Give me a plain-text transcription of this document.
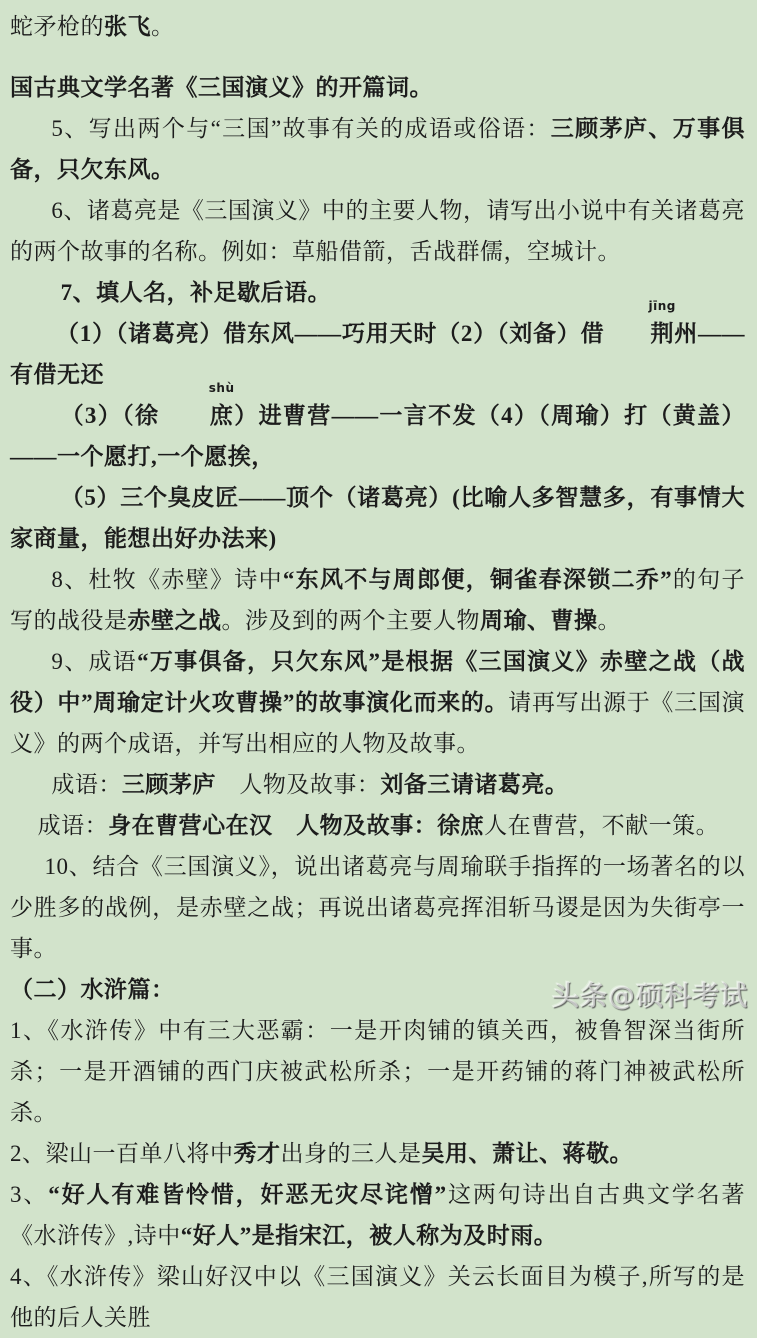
蛇矛枪的张飞。

国古典文学名著《三国演义》的开篇词。

5、写出两个与“三国”故事有关的成语或俗语：三顾茅庐、万事俱备，只欠东风。

6、诸葛亮是《三国演义》中的主要人物，请写出小说中有关诸葛亮的两个故事的名称。例如：草船借箭，舌战群儒，空城计。

7、填人名，补足歇后语。

（1）（诸葛亮）借东风——巧用天时（2）（刘备）借 荆
jīng
州——有借无还

（3）（徐 庶
shù
）进曹营——一言不发（4）（周瑜）打（黄盖）——一个愿打,一个愿挨，

（5）三个臭皮匠——顶个（诸葛亮）(比喻人多智慧多，有事情大家商量，能想出好办法来)

8、杜牧《赤壁》诗中“东风不与周郎便，铜雀春深锁二乔”的句子写的战役是赤壁之战。涉及到的两个主要人物周瑜、曹操。

9、成语“万事俱备，只欠东风”是根据《三国演义》赤壁之战（战役）中”周瑜定计火攻曹操”的故事演化而来的。请再写出源于《三国演义》的两个成语，并写出相应的人物及故事。

成语：三顾茅庐　 人物及故事：刘备三请诸葛亮。

成语：身在曹营心在汉　 人物及故事：徐庶人在曹营，不献一策。

10、结合《三国演义》，说出诸葛亮与周瑜联手指挥的一场著名的以少胜多的战例，是赤壁之战；再说出诸葛亮挥泪斩马谡是因为失街亭一事。

（二）水浒篇：

1、《水浒传》中有三大恶霸：一是开肉铺的镇关西，被鲁智深当街所杀；一是开酒铺的西门庆被武松所杀；一是开药铺的蒋门神被武松所杀。

2、梁山一百单八将中秀才出身的三人是吴用、萧让、蒋敬。

3、“好人有难皆怜惜，奸恶无灾尽诧憎”这两句诗出自古典文学名著《水浒传》,诗中“好人”是指宋江，被人称为及时雨。

4、《水浒传》梁山好汉中以《三国演义》关云长面目为模子,所写的是他的后人关胜

头条@硕科考试
